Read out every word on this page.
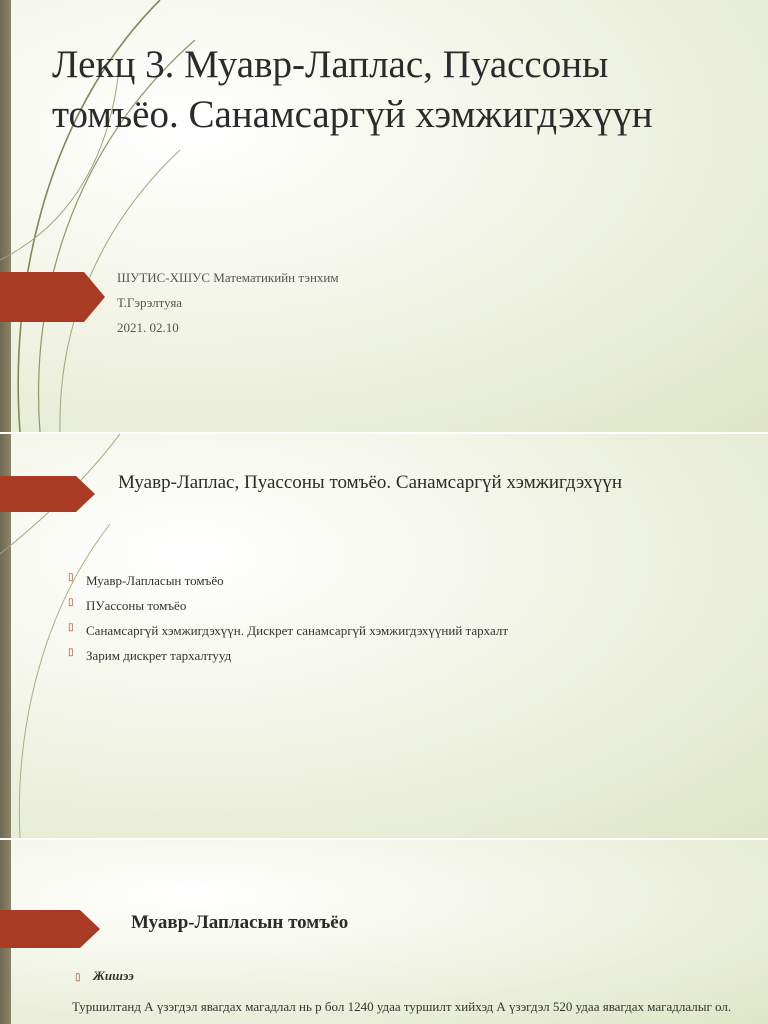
Лекц 3. Муавр-Лаплас, Пуассоны томъёо. Санамсаргүй хэмжигдэхүүн
ШУТИС-ХШУС Математикийн тэнхим
Т.Гэрэлтуяа
2021. 02.10
Муавр-Лаплас, Пуассоны томъёо. Санамсаргүй хэмжигдэхүүн
▯ Муавр-Лапласын томъёо
▯ ПУассоны томъёо
▯ Санамсаргүй хэмжигдэхүүн. Дискрет санамсаргүй хэмжигдэхүүний тархалт
▯ Зарим дискрет тархалтууд
Муавр-Лапласын томъёо
▯ Жишээ
Туршилтанд А үзэгдэл явагдах магадлал нь p бол 1240 удаа туршилт хийхэд А үзэгдэл 520 удаа явагдах магадлалыг ол.
